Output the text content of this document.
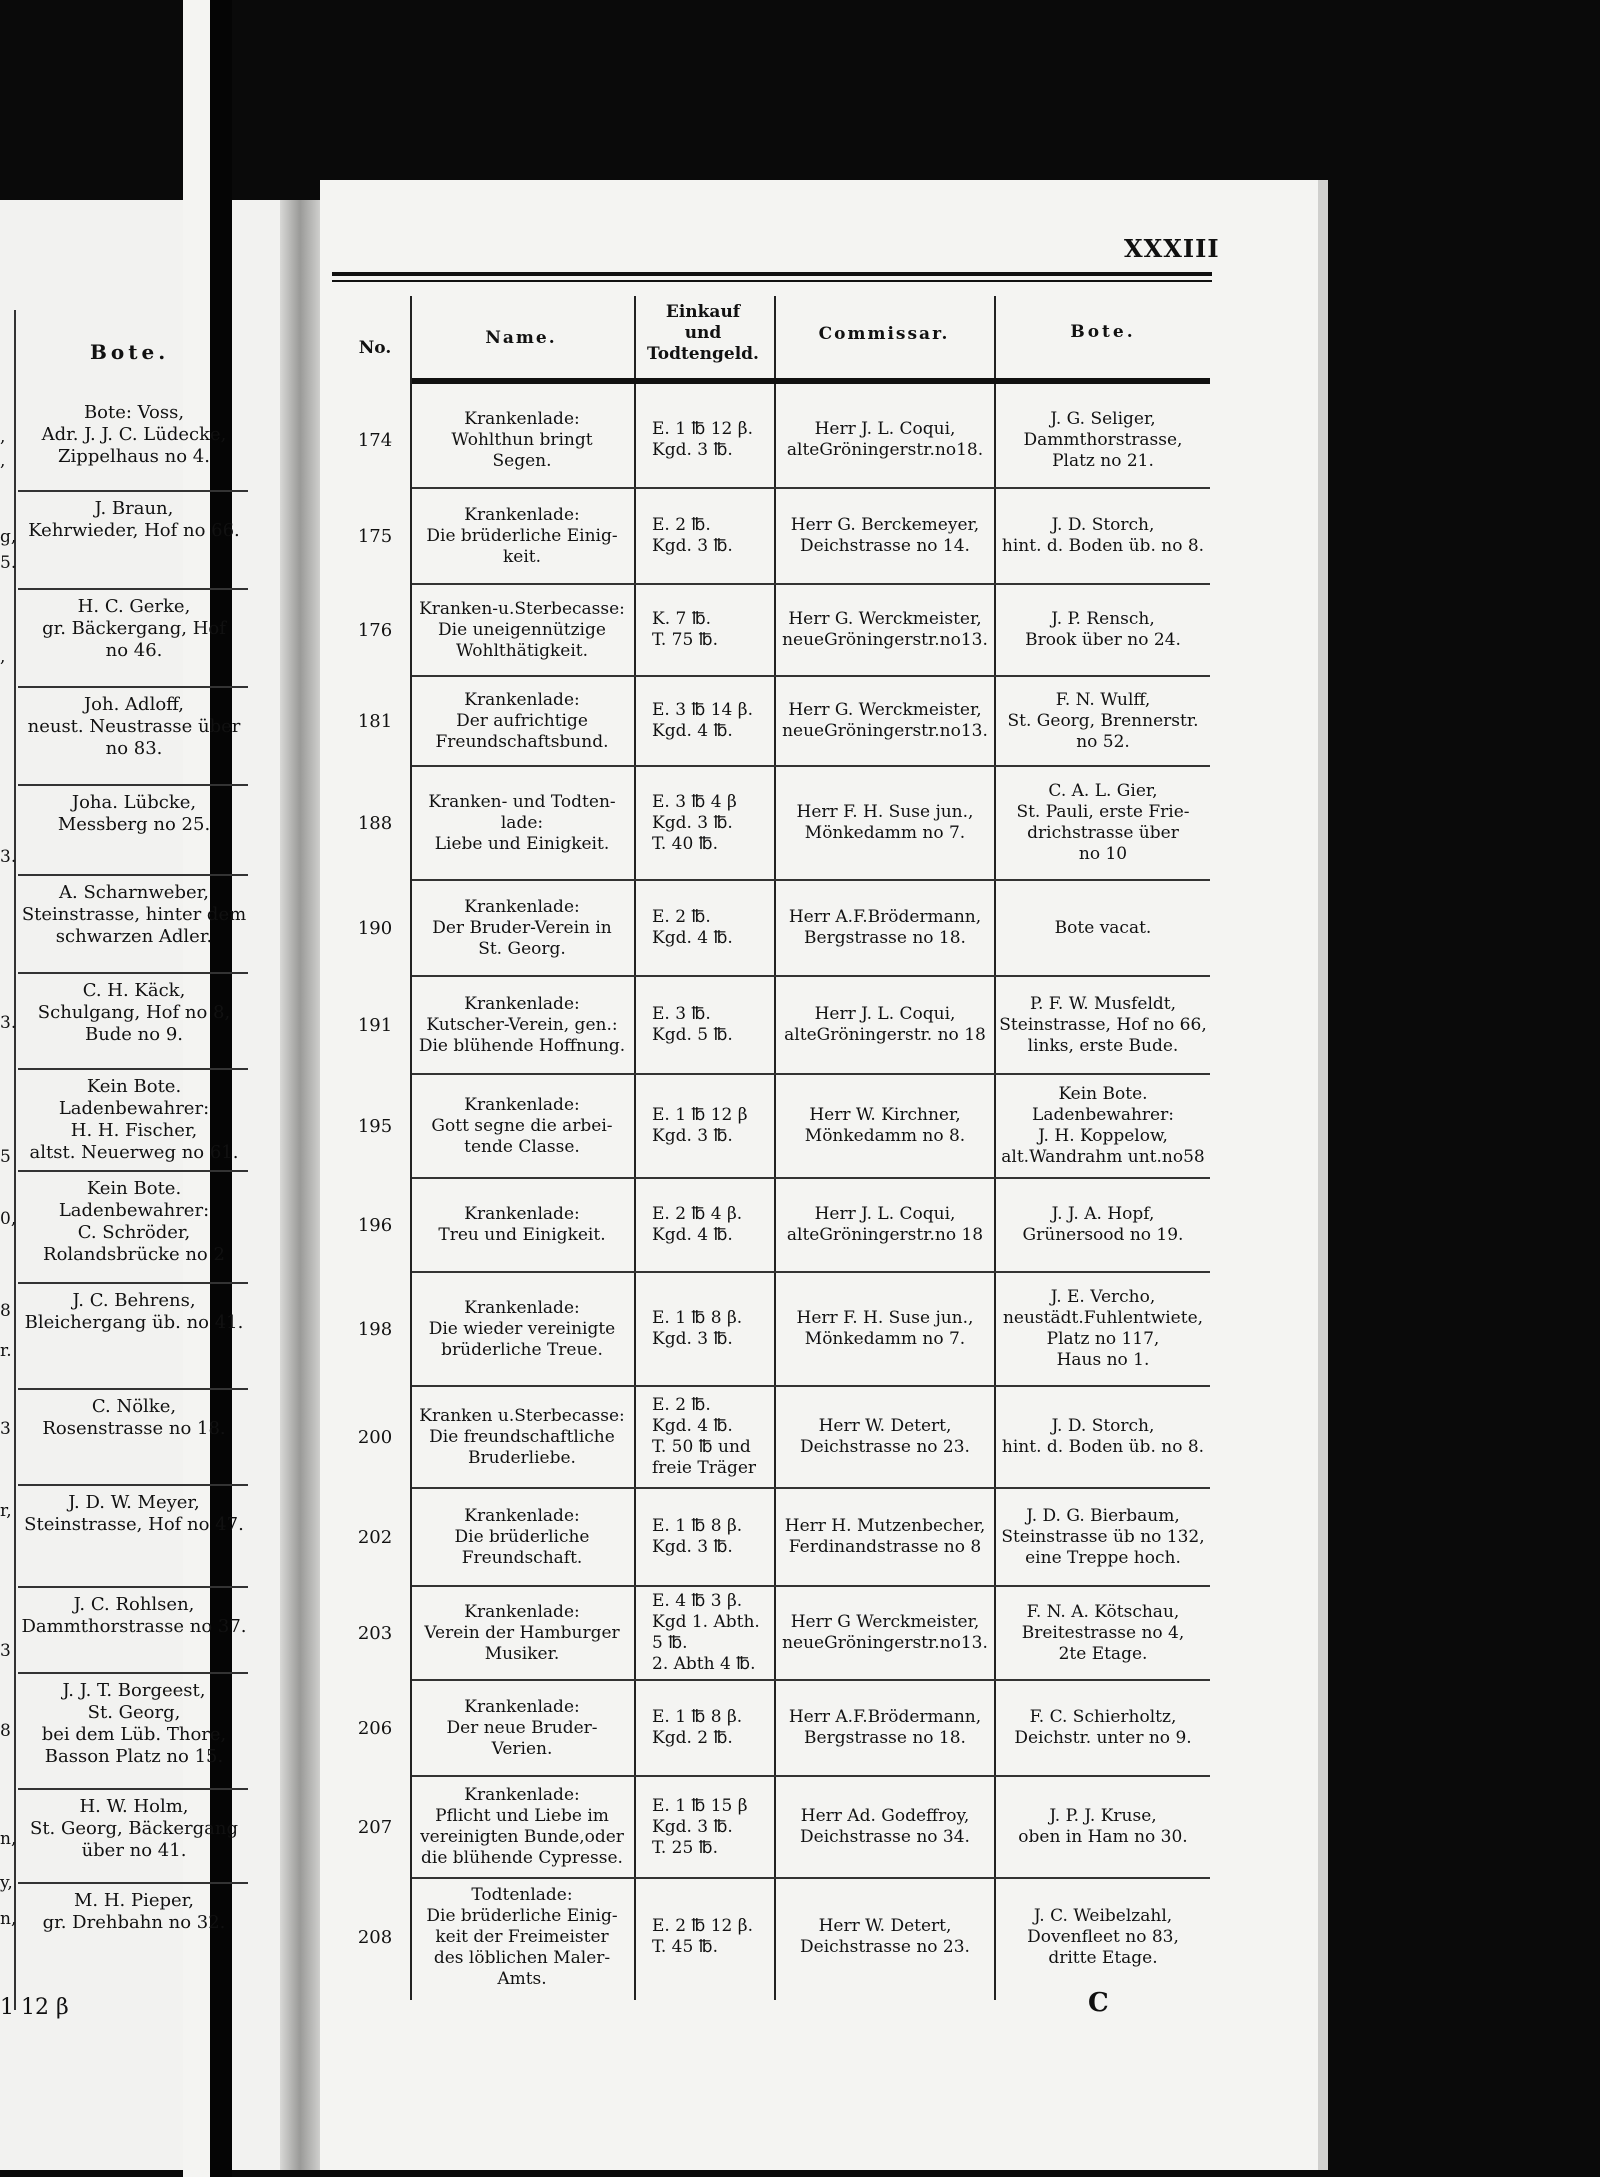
Bote.
Bote: Voss,
Adr. J. J. C. Lüdecke,
Zippelhaus no 4.
J. Braun,
Kehrwieder, Hof no 66.
H. C. Gerke,
gr. Bäckergang, Hof
no 46.
Joh. Adloff,
neust. Neustrasse über
no 83.
Joha. Lübcke,
Messberg no 25.
A. Scharnweber,
Steinstrasse, hinter dem
schwarzen Adler.
C. H. Käck,
Schulgang, Hof no 8,
Bude no 9.
Kein Bote.
Ladenbewahrer:
H. H. Fischer,
altst. Neuerweg no 61.
Kein Bote.
Ladenbewahrer:
C. Schröder,
Rolandsbrücke no 2
J. C. Behrens,
Bleichergang üb. no 41.
C. Nölke,
Rosenstrasse no 18.
J. D. W. Meyer,
Steinstrasse, Hof no 47.
J. C. Rohlsen,
Dammthorstrasse no 37.
J. J. T. Borgeest,
St. Georg,
bei dem Lüb. Thore,
Basson Platz no 15.
H. W. Holm,
St. Georg, Bäckergang
über no 41.
M. H. Pieper,
gr. Drehbahn no 32.
,
,
g,
5.
,
3.
3.
5
0,
8
r.
3
r,
3
8
n,
y,
n,
1 12 β
XXXIII
No.	Name.
Einkauf
und
Todtengeld.
Commissar.	Bote.
174
Krankenlade:
Wohlthun bringt
Segen.
E. 1 ℔ 12 β.
Kgd. 3 ℔.
Herr J. L. Coqui,
alteGröningerstr.no18.
J. G. Seliger,
Dammthorstrasse,
Platz no 21.
175
Krankenlade:
Die brüderliche Einig-
keit.
E. 2 ℔.
Kgd. 3 ℔.
Herr G. Berckemeyer,
Deichstrasse no 14.
J. D. Storch,
hint. d. Boden üb. no 8.
176
Kranken-u.Sterbecasse:
Die uneigennützige
Wohlthätigkeit.
K. 7 ℔.
T. 75 ℔.
Herr G. Werckmeister,
neueGröningerstr.no13.
J. P. Rensch,
Brook über no 24.
181
Krankenlade:
Der aufrichtige
Freundschaftsbund.
E. 3 ℔ 14 β.
Kgd. 4 ℔.
Herr G. Werckmeister,
neueGröningerstr.no13.
F. N. Wulff,
St. Georg, Brennerstr.
no 52.
188
Kranken- und Todten-
lade:
Liebe und Einigkeit.
E. 3 ℔ 4 β
Kgd. 3 ℔.
T. 40 ℔.
Herr F. H. Suse jun.,
Mönkedamm no 7.
C. A. L. Gier,
St. Pauli, erste Frie-
drichstrasse über
no 10
190
Krankenlade:
Der Bruder-Verein in
St. Georg.
E. 2 ℔.
Kgd. 4 ℔.
Herr A.F.Brödermann,
Bergstrasse no 18.
Bote vacat.
191
Krankenlade:
Kutscher-Verein, gen.:
Die blühende Hoffnung.
E. 3 ℔.
Kgd. 5 ℔.
Herr J. L. Coqui,
alteGröningerstr. no 18
P. F. W. Musfeldt,
Steinstrasse, Hof no 66,
links, erste Bude.
195
Krankenlade:
Gott segne die arbei-
tende Classe.
E. 1 ℔ 12 β
Kgd. 3 ℔.
Herr W. Kirchner,
Mönkedamm no 8.
Kein Bote.
Ladenbewahrer:
J. H. Koppelow,
alt.Wandrahm unt.no58
196
Krankenlade:
Treu und Einigkeit.
E. 2 ℔ 4 β.
Kgd. 4 ℔.
Herr J. L. Coqui,
alteGröningerstr.no 18
J. J. A. Hopf,
Grünersood no 19.
198
Krankenlade:
Die wieder vereinigte
brüderliche Treue.
E. 1 ℔ 8 β.
Kgd. 3 ℔.
Herr F. H. Suse jun.,
Mönkedamm no 7.
J. E. Vercho,
neustädt.Fuhlentwiete,
Platz no 117,
Haus no 1.
200
Kranken u.Sterbecasse:
Die freundschaftliche
Bruderliebe.
E. 2 ℔.
Kgd. 4 ℔.
T. 50 ℔ und
freie Träger
Herr W. Detert,
Deichstrasse no 23.
J. D. Storch,
hint. d. Boden üb. no 8.
202
Krankenlade:
Die brüderliche
Freundschaft.
E. 1 ℔ 8 β.
Kgd. 3 ℔.
Herr H. Mutzenbecher,
Ferdinandstrasse no 8
J. D. G. Bierbaum,
Steinstrasse üb no 132,
eine Treppe hoch.
203
Krankenlade:
Verein der Hamburger
Musiker.
E. 4 ℔ 3 β.
Kgd 1. Abth.
5 ℔.
2. Abth 4 ℔.
Herr G Werckmeister,
neueGröningerstr.no13.
F. N. A. Kötschau,
Breitestrasse no 4,
2te Etage.
206
Krankenlade:
Der neue Bruder-
Verien.
E. 1 ℔ 8 β.
Kgd. 2 ℔.
Herr A.F.Brödermann,
Bergstrasse no 18.
F. C. Schierholtz,
Deichstr. unter no 9.
207
Krankenlade:
Pflicht und Liebe im
vereinigten Bunde,oder
die blühende Cypresse.
E. 1 ℔ 15 β
Kgd. 3 ℔.
T. 25 ℔.
Herr Ad. Godeffroy,
Deichstrasse no 34.
J. P. J. Kruse,
oben in Ham no 30.
208
Todtenlade:
Die brüderliche Einig-
keit der Freimeister
des löblichen Maler-
Amts.
E. 2 ℔ 12 β.
T. 45 ℔.
Herr W. Detert,
Deichstrasse no 23.
J. C. Weibelzahl,
Dovenfleet no 83,
dritte Etage.
C
